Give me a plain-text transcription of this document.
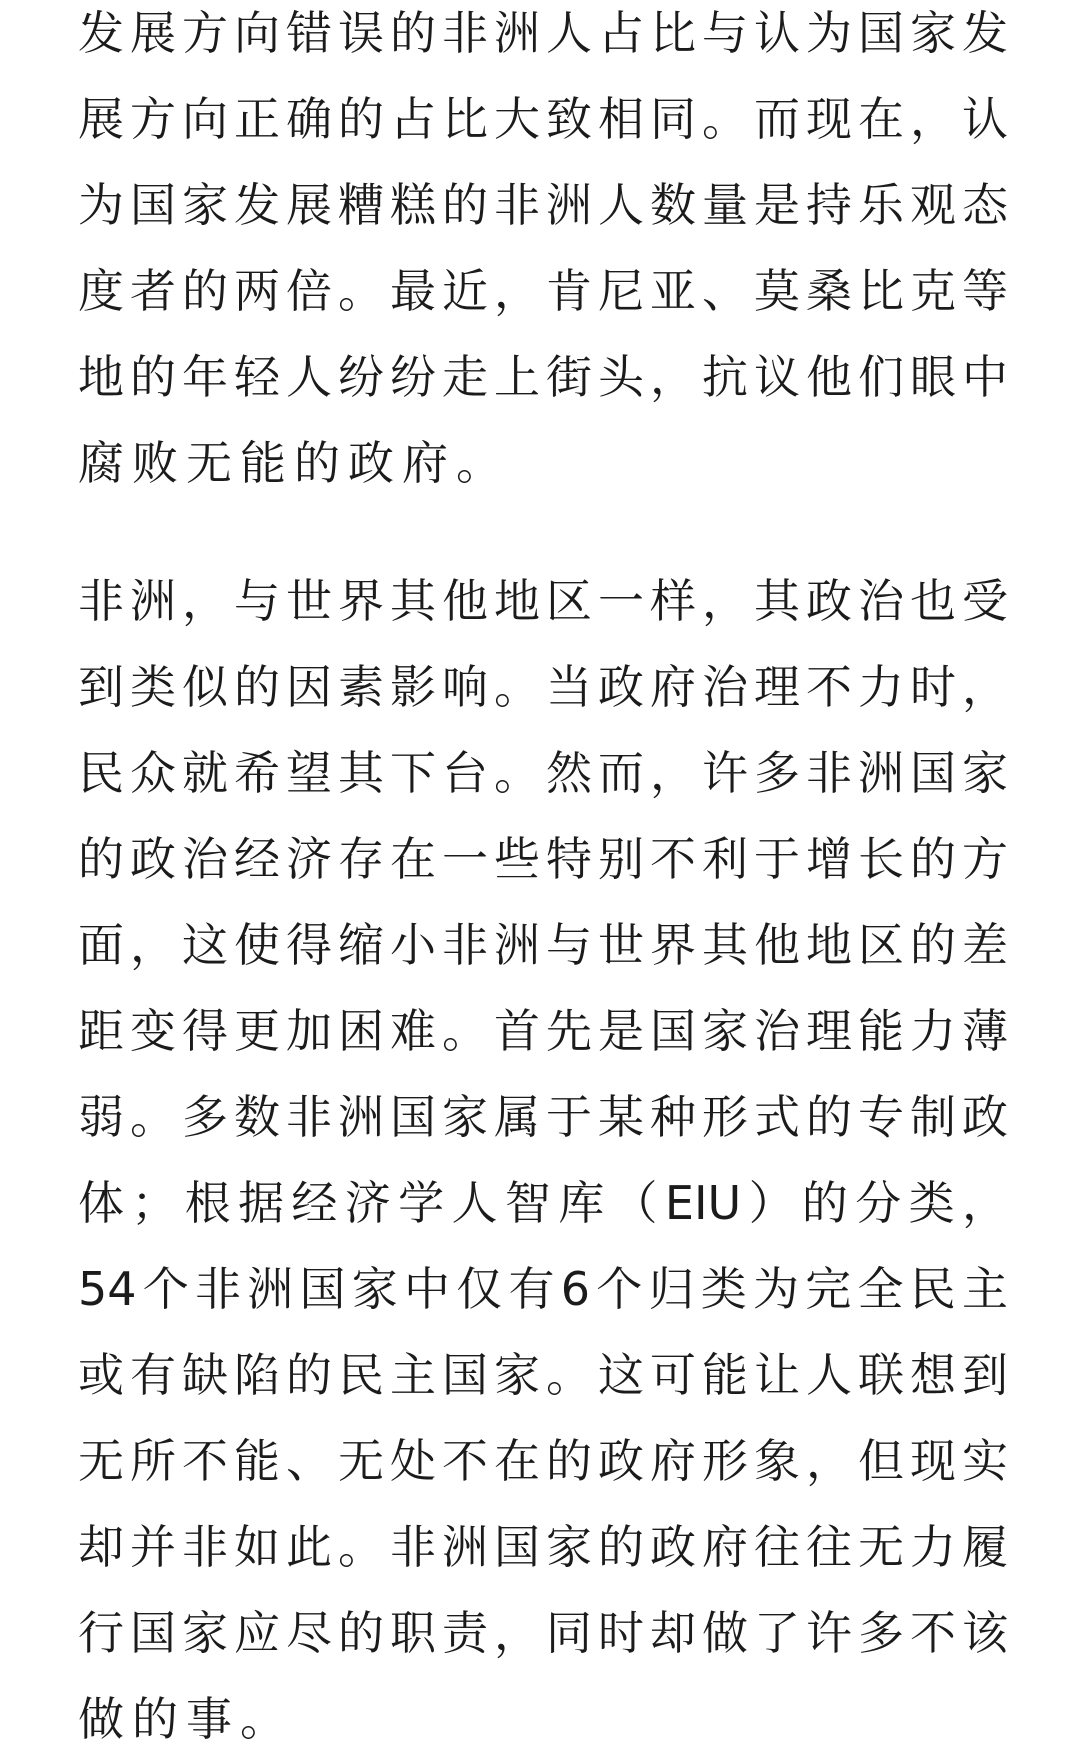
发展方向错误的非洲人占比与认为国家发
展方向正确的占比大致相同。而现在，认
为国家发展糟糕的非洲人数量是持乐观态
度者的两倍。最近，肯尼亚、莫桑比克等
地的年轻人纷纷走上街头，抗议他们眼中
腐败无能的政府。
非洲，与世界其他地区一样，其政治也受
到类似的因素影响。当政府治理不力时，
民众就希望其下台。然而，许多非洲国家
的政治经济存在一些特别不利于增长的方
面，这使得缩小非洲与世界其他地区的差
距变得更加困难。首先是国家治理能力薄
弱。多数非洲国家属于某种形式的专制政
体；根据经济学人智库（EIU）的分类，
54个非洲国家中仅有6个归类为完全民主
或有缺陷的民主国家。这可能让人联想到
无所不能、无处不在的政府形象，但现实
却并非如此。非洲国家的政府往往无力履
行国家应尽的职责，同时却做了许多不该
做的事。
